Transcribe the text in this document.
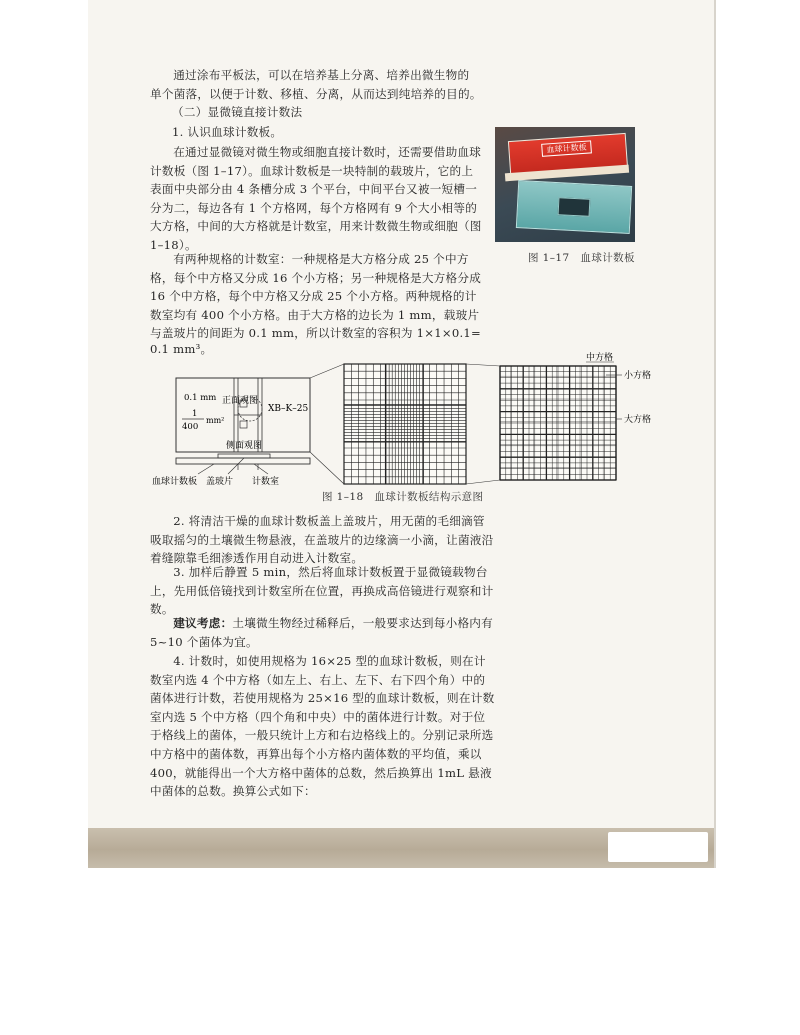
通过涂布平板法，可以在培养基上分离、培养出微生物的

单个菌落，以便于计数、移植、分离，从而达到纯培养的目的。

（二）显微镜直接计数法
1. 认识血球计数板。

在通过显微镜对微生物或细胞直接计数时，还需要借助血球计数板（图 1–17）。血球计数板是一块特制的载玻片，它的上表面中央部分由 4 条槽分成 3 个平台，中间平台又被一短槽一分为二，每边各有 1 个方格网，每个方格网有 9 个大小相等的大方格，中间的大方格就是计数室，用来计数微生物或细胞（图 1–18）。

有两种规格的计数室：一种规格是大方格分成 25 个中方格，每个中方格又分成 16 个小方格；另一种规格是大方格分成 16 个中方格，每个中方格又分成 25 个小方格。两种规格的计数室均有 400 个小方格。由于大方格的边长为 1 mm，载玻片与盖玻片的间距为 0.1 mm，所以计数室的容积为 1×1×0.1=

0.1 mm³。

血球计数板
图 1–17　血球计数板
正面观图
0.1 mm
1
400
mm²
XB–K–25
侧面观图
血球计数板 盖玻片 计数室
中方格
小方格
大方格
图 1–18　血球计数板结构示意图

2. 将清洁干燥的血球计数板盖上盖玻片，用无菌的毛细滴管吸取摇匀的土壤微生物悬液，在盖玻片的边缘滴一小滴，让菌液沿着缝隙靠毛细渗透作用自动进入计数室。

3. 加样后静置 5 min，然后将血球计数板置于显微镜载物台上，先用低倍镜找到计数室所在位置，再换成高倍镜进行观察和计数。

建议考虑：土壤微生物经过稀释后，一般要求达到每小格内有 5~10 个菌体为宜。

4. 计数时，如使用规格为 16×25 型的血球计数板，则在计数室内选 4 个中方格（如左上、右上、左下、右下四个角）中的菌体进行计数，若使用规格为 25×16 型的血球计数板，则在计数室内选 5 个中方格（四个角和中央）中的菌体进行计数。对于位于格线上的菌体，一般只统计上方和右边格线上的。分别记录所选中方格中的菌体数，再算出每个小方格内菌体数的平均值，乘以 400，就能得出一个大方格中菌体的总数，然后换算出 1mL 悬液中菌体的总数。换算公式如下：
